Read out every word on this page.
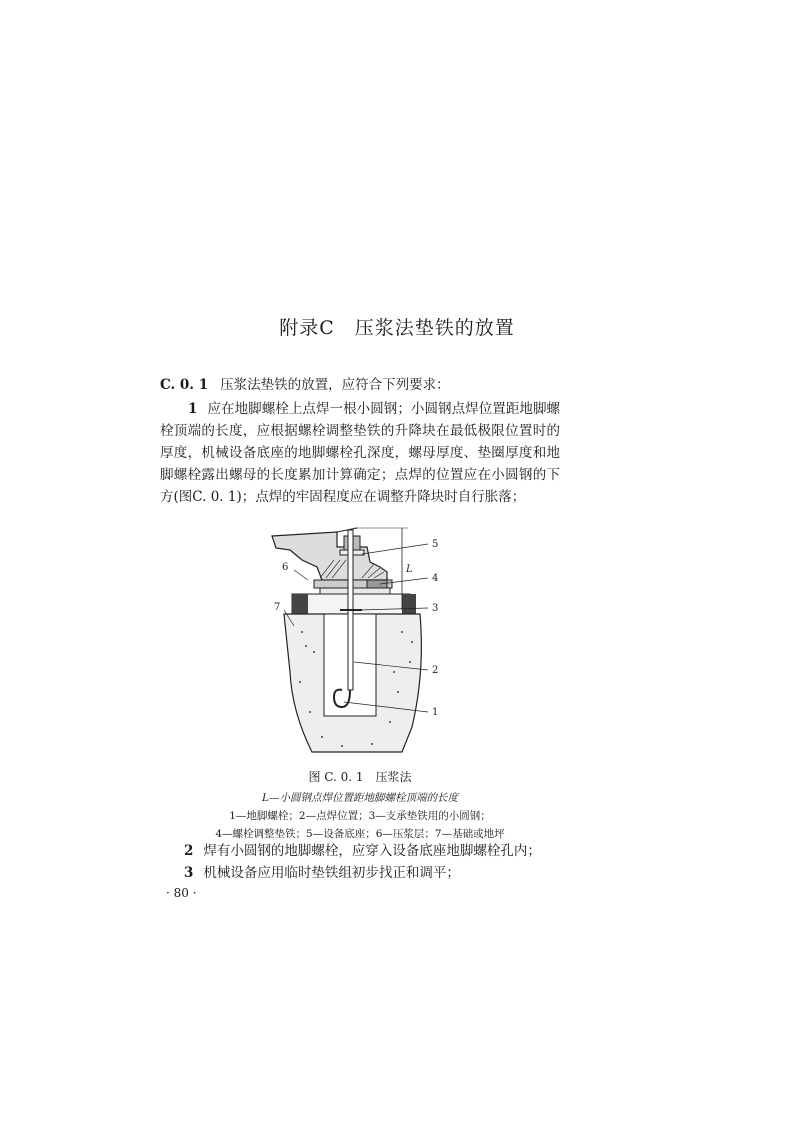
附录C　压浆法垫铁的放置
C. 0. 1 压浆法垫铁的放置，应符合下列要求：
1 应在地脚螺栓上点焊一根小圆钢；小圆钢点焊位置距地脚螺栓顶端的长度，应根据螺栓调整垫铁的升降块在最低极限位置时的厚度，机械设备底座的地脚螺栓孔深度，螺母厚度、垫圈厚度和地脚螺栓露出螺母的长度累加计算确定；点焊的位置应在小圆钢的下方(图C. 0. 1)；点焊的牢固程度应在调整升降块时自行胀落；
L
5
4
3
2
1
6
7
图 C. 0. 1　压浆法
L—小圆钢点焊位置距地脚螺栓顶端的长度
1—地脚螺栓；2—点焊位置；3—支承垫铁用的小圆钢；
4—螺栓调整垫铁；5—设备底座；6—压浆层；7—基础或地坪
2 焊有小圆钢的地脚螺栓，应穿入设备底座地脚螺栓孔内；
3 机械设备应用临时垫铁组初步找正和调平；
· 80 ·
